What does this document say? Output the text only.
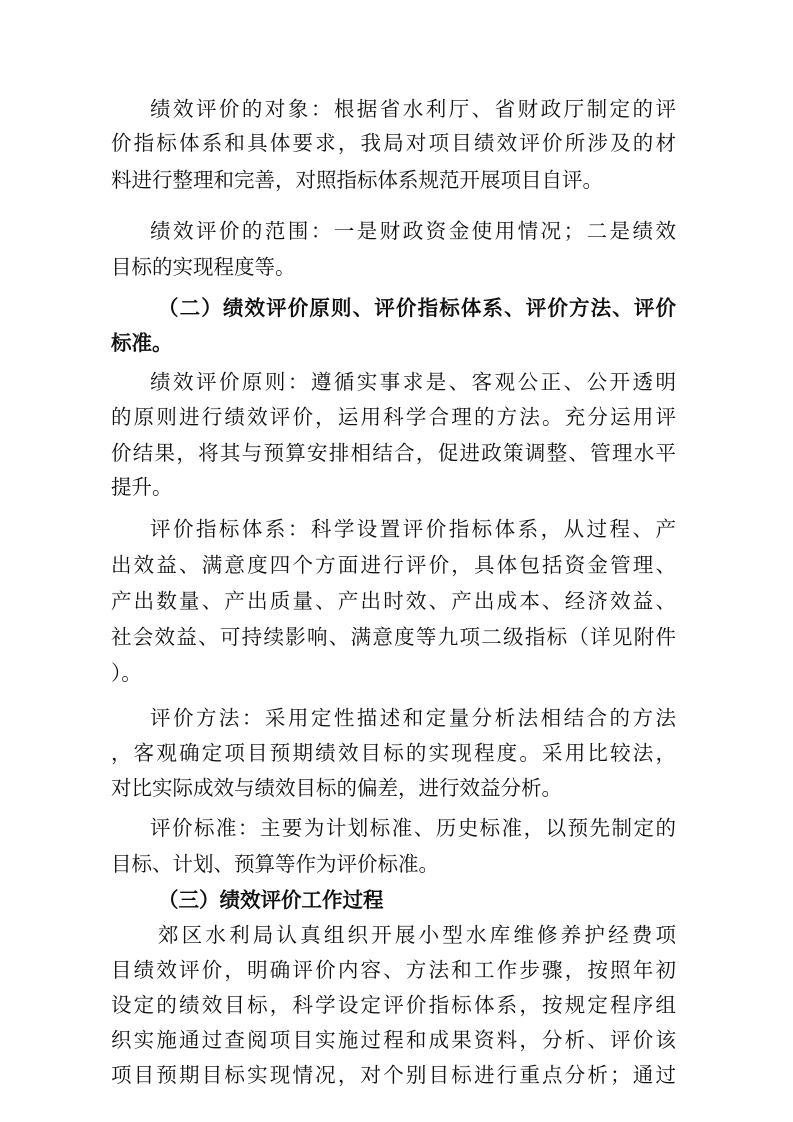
绩效评价的对象：根据省水利厅、省财政厅制定的评
价指标体系和具体要求，我局对项目绩效评价所涉及的材
料进行整理和完善，对照指标体系规范开展项目自评。
绩效评价的范围：一是财政资金使用情况；二是绩效
目标的实现程度等。
（二）绩效评价原则、评价指标体系、评价方法、评价
标准。
绩效评价原则：遵循实事求是、客观公正、公开透明
的原则进行绩效评价，运用科学合理的方法。充分运用评
价结果，将其与预算安排相结合，促进政策调整、管理水平
提升。
评价指标体系：科学设置评价指标体系，从过程、产
出效益、满意度四个方面进行评价，具体包括资金管理、
产出数量、产出质量、产出时效、产出成本、经济效益、
社会效益、可持续影响、满意度等九项二级指标（详见附件
）。
评价方法：采用定性描述和定量分析法相结合的方法
，客观确定项目预期绩效目标的实现程度。采用比较法，
对比实际成效与绩效目标的偏差，进行效益分析。
评价标准：主要为计划标准、历史标准，以预先制定的
目标、计划、预算等作为评价标准。
（三）绩效评价工作过程
郊区水利局认真组织开展小型水库维修养护经费项
目绩效评价，明确评价内容、方法和工作步骤，按照年初
设定的绩效目标，科学设定评价指标体系，按规定程序组
织实施通过查阅项目实施过程和成果资料，分析、评价该
项目预期目标实现情况，对个别目标进行重点分析；通过
